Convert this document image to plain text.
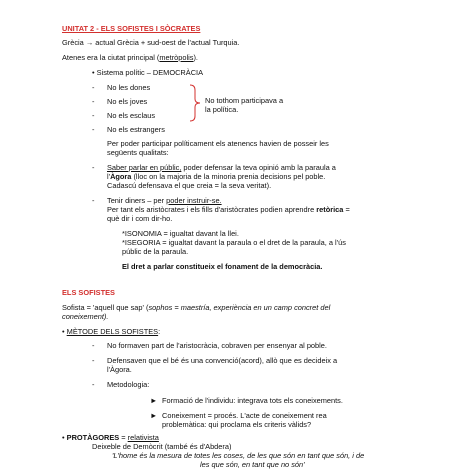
UNITAT 2 - ELS SOFISTES I SÒCRATES
Grècia → actual Grècia + sud-oest de l'actual Turquia.
Atenes era la ciutat principal (metròpolis).
• Sistema polític – DEMOCRÀCIA
- No les dones
- No els joves
- No els esclaus
- No els estrangers
No tothom participava a
la política.
Per poder participar políticament els atenencs havien de posseir les
següents qualitats:
- Saber parlar en públic, poder defensar la teva opinió amb la paraula a
l'Àgora (lloc on la majoria de la minoria prenia decisions pel poble.
Cadascú defensava el que creia = la seva veritat).
- Tenir diners – per poder instruir-se.
Per tant els aristòcrates i els fills d'aristòcrates podien aprendre retòrica =
què dir i com dir-ho.
*ISONOMIA = igualtat davant la llei.
*ISEGORIA = igualtat davant la paraula o el dret de la paraula, a l'ús
públic de la paraula.
El dret a parlar constitueix el fonament de la democràcia.
ELS SOFISTES
Sofista = 'aquell que sap' (sophos = maestría, experiència en un camp concret del
coneixement).
• MÈTODE DELS SOFISTES:
- No formaven part de l'aristocràcia, cobraven per ensenyar al poble.
- Defensaven que el bé és una convenció(acord), allò que es decideix a
l'Àgora.
- Metodologia:
► Formació de l'individu: integrava tots els coneixements.
► Coneixement = procés. L'acte de coneixement rea
problemàtica: qui proclama els criteris vàlids?
• PROTÀGORES = relativista
Deixeble de Demòcrit (també és d'Abdera)
'L'home és la mesura de totes les coses, de les que són en tant que són, i de
les que són, en tant que no són'
